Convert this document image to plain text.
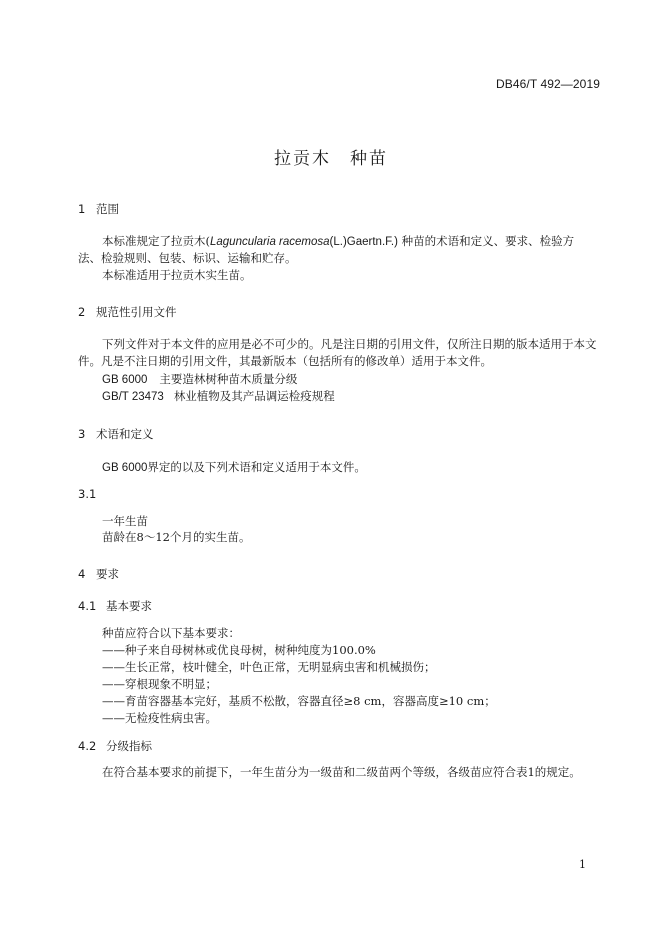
DB46/T 492—2019
拉贡木　种苗
1 范围
本标准规定了拉贡木(Laguncularia racemosa(L.)Gaertn.F.) 种苗的术语和定义、要求、检验方
法、检验规则、包装、标识、运输和贮存。
本标准适用于拉贡木实生苗。
2 规范性引用文件
下列文件对于本文件的应用是必不可少的。凡是注日期的引用文件，仅所注日期的版本适用于本文
件。凡是不注日期的引用文件，其最新版本（包括所有的修改单）适用于本文件。
GB 6000 主要造林树种苗木质量分级
GB/T 23473 林业植物及其产品调运检疫规程
3 术语和定义
GB 6000界定的以及下列术语和定义适用于本文件。
3.1
一年生苗
苗龄在8～12个月的实生苗。
4 要求
4.1 基本要求
种苗应符合以下基本要求：
——种子来自母树林或优良母树，树种纯度为100.0%
——生长正常，枝叶健全，叶色正常，无明显病虫害和机械损伤；
——穿根现象不明显；
——育苗容器基本完好，基质不松散，容器直径≥8 cm，容器高度≥10 cm；
——无检疫性病虫害。
4.2 分级指标
在符合基本要求的前提下，一年生苗分为一级苗和二级苗两个等级，各级苗应符合表1的规定。
1
